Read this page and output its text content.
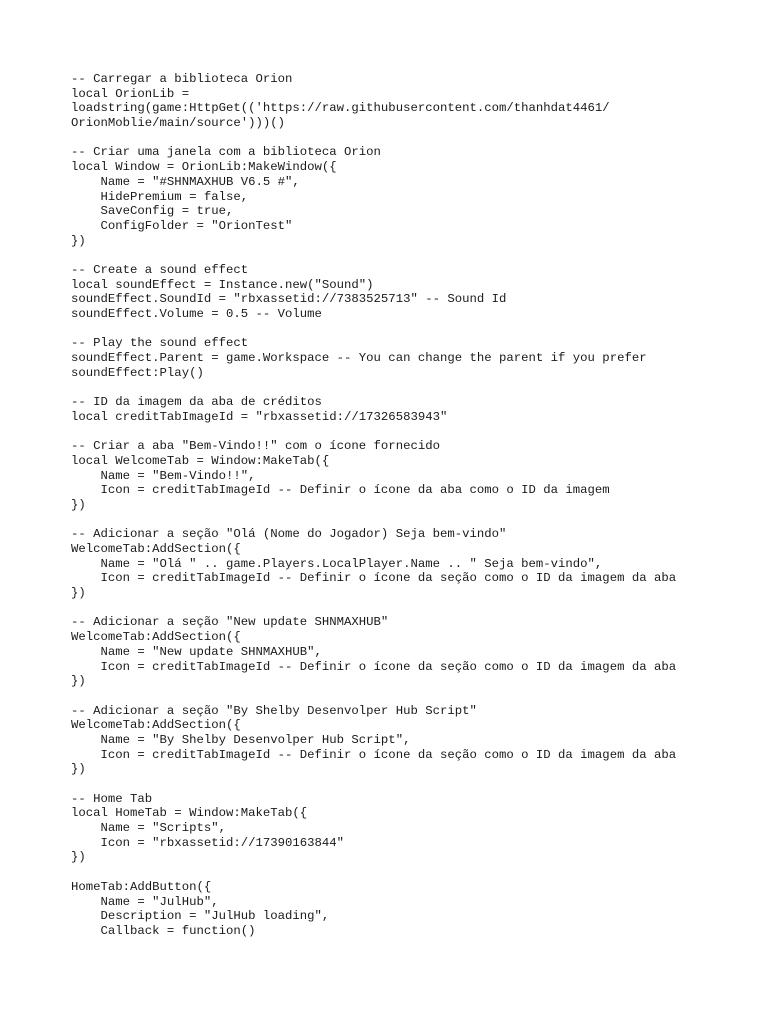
-- Carregar a biblioteca Orion
local OrionLib =
loadstring(game:HttpGet(('https://raw.githubusercontent.com/thanhdat4461/
OrionMoblie/main/source')))()
-- Criar uma janela com a biblioteca Orion
local Window = OrionLib:MakeWindow({
Name = "#SHNMAXHUB V6.5 #",
HidePremium = false,
SaveConfig = true,
ConfigFolder = "OrionTest"
})
-- Create a sound effect
local soundEffect = Instance.new("Sound")
soundEffect.SoundId = "rbxassetid://7383525713" -- Sound Id
soundEffect.Volume = 0.5 -- Volume
-- Play the sound effect
soundEffect.Parent = game.Workspace -- You can change the parent if you prefer
soundEffect:Play()
-- ID da imagem da aba de créditos
local creditTabImageId = "rbxassetid://17326583943"
-- Criar a aba "Bem-Vindo!!" com o ícone fornecido
local WelcomeTab = Window:MakeTab({
Name = "Bem-Vindo!!",
Icon = creditTabImageId -- Definir o ícone da aba como o ID da imagem
})
-- Adicionar a seção "Olá (Nome do Jogador) Seja bem-vindo"
WelcomeTab:AddSection({
Name = "Olá " .. game.Players.LocalPlayer.Name .. " Seja bem-vindo",
Icon = creditTabImageId -- Definir o ícone da seção como o ID da imagem da aba
})
-- Adicionar a seção "New update SHNMAXHUB"
WelcomeTab:AddSection({
Name = "New update SHNMAXHUB",
Icon = creditTabImageId -- Definir o ícone da seção como o ID da imagem da aba
})
-- Adicionar a seção "By Shelby Desenvolper Hub Script"
WelcomeTab:AddSection({
Name = "By Shelby Desenvolper Hub Script",
Icon = creditTabImageId -- Definir o ícone da seção como o ID da imagem da aba
})
-- Home Tab
local HomeTab = Window:MakeTab({
Name = "Scripts",
Icon = "rbxassetid://17390163844"
})
HomeTab:AddButton({
Name = "JulHub",
Description = "JulHub loading",
Callback = function()
